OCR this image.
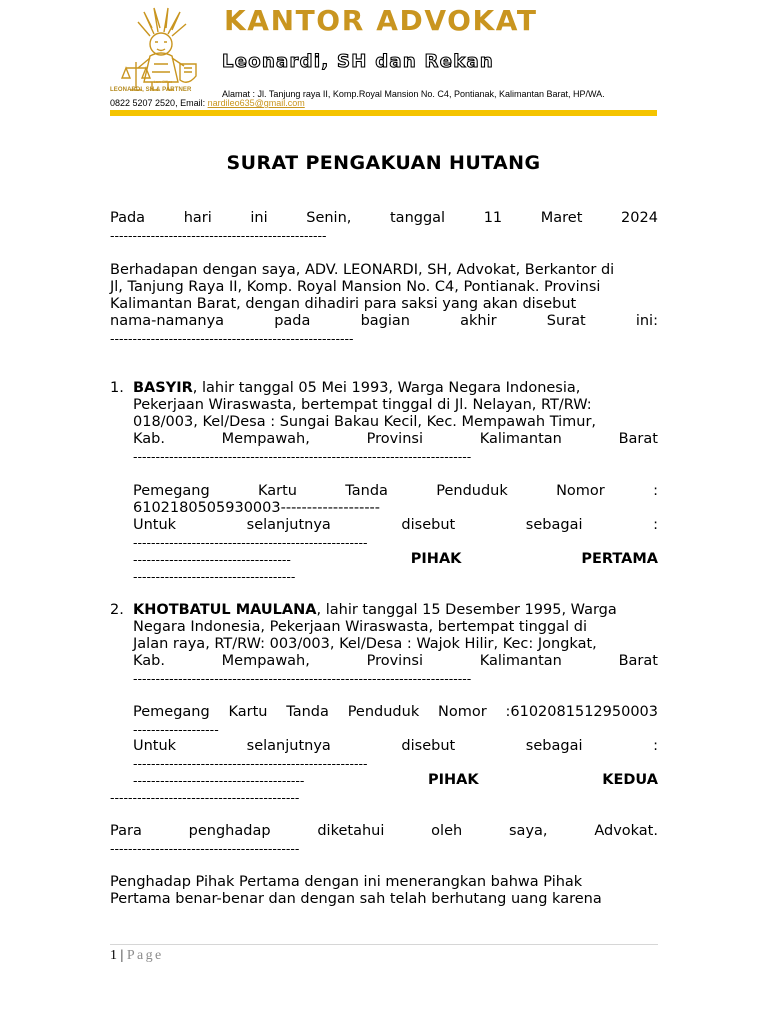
Law Office
LEONARDI, SH & PARTNER
KANTOR ADVOKAT
Leonardi, SH dan Rekan
Alamat : Jl. Tanjung raya II, Komp.Royal Mansion No. C4, Pontianak, Kalimantan Barat, HP/WA.
0822 5207 2520, Email: nardileo635@gmail.com
SURAT PENGAKUAN HUTANG
Pada	hari	ini	Senin,	tanggal	11	Maret	2024
------------------------------------------------
Berhadapan dengan saya, ADV. LEONARDI, SH, Advokat, Berkantor di
Jl, Tanjung Raya II, Komp. Royal Mansion No. C4, Pontianak. Provinsi
Kalimantan Barat, dengan dihadiri para saksi yang akan disebut
nama-namanya	pada	bagian	akhir	Surat	ini:
------------------------------------------------------
1. BASYIR, lahir tanggal 05 Mei 1993, Warga Negara Indonesia,
Pekerjaan Wiraswasta, bertempat tinggal di Jl. Nelayan, RT/RW:
018/003, Kel/Desa : Sungai Bakau Kecil, Kec. Mempawah Timur,
Kab.	Mempawah,	Provinsi	Kalimantan	Barat
---------------------------------------------------------------------------
Pemegang	Kartu	Tanda	Penduduk	Nomor	:
6102180505930003-------------------
Untuk	selanjutnya	disebut	sebagai	:
----------------------------------------------------
-----------------------------------	PIHAK	PERTAMA
------------------------------------
2. KHOTBATUL MAULANA, lahir tanggal 15 Desember 1995, Warga
Negara Indonesia, Pekerjaan Wiraswasta, bertempat tinggal di
Jalan raya, RT/RW: 003/003, Kel/Desa : Wajok Hilir, Kec: Jongkat,
Kab.	Mempawah,	Provinsi	Kalimantan	Barat
---------------------------------------------------------------------------
Pemegang Kartu Tanda Penduduk Nomor :6102081512950003
-------------------
Untuk	selanjutnya	disebut	sebagai	:
----------------------------------------------------
--------------------------------------	PIHAK	KEDUA
------------------------------------------
Para	penghadap	diketahui	oleh	saya,	Advokat.
------------------------------------------
Penghadap Pihak Pertama dengan ini menerangkan bahwa Pihak
Pertama benar-benar dan dengan sah telah berhutang uang karena
1 | Page
